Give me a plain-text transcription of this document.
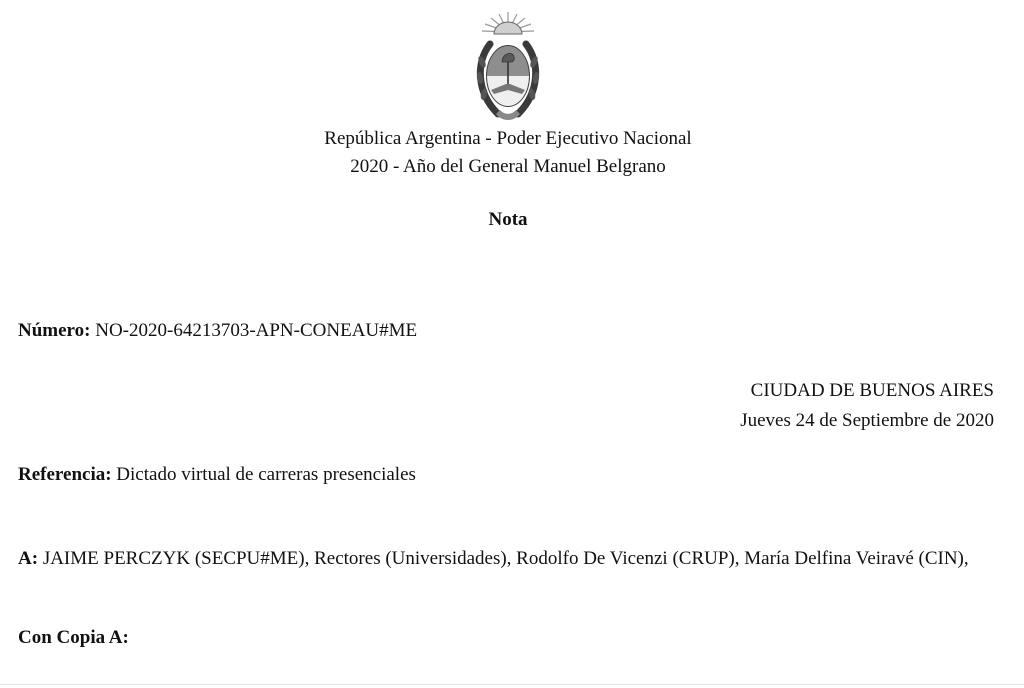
República Argentina - Poder Ejecutivo Nacional
2020 - Año del General Manuel Belgrano
Nota
Número: NO-2020-64213703-APN-CONEAU#ME
CIUDAD DE BUENOS AIRES
Jueves 24 de Septiembre de 2020
Referencia: Dictado virtual de carreras presenciales
A: JAIME PERCZYK (SECPU#ME), Rectores (Universidades), Rodolfo De Vicenzi (CRUP), María Delfina Veiravé (CIN),
Con Copia A:
